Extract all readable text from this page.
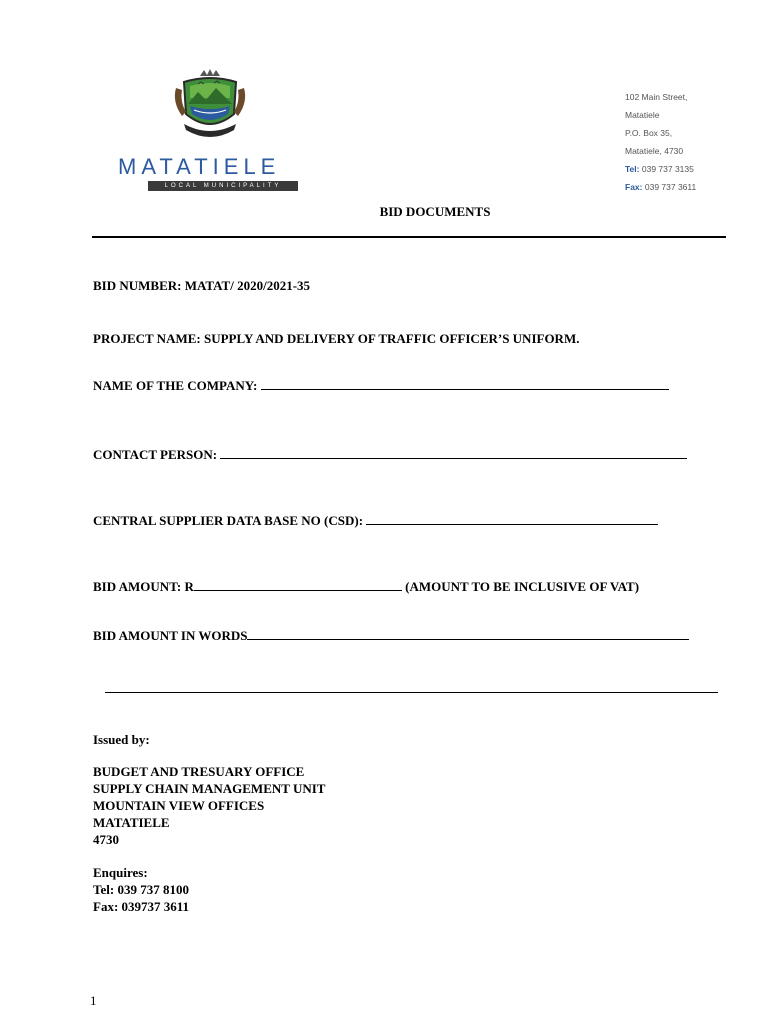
MATATIELE
LOCAL MUNICIPALITY
102 Main Street,
Matatiele
P.O. Box 35,
Matatiele, 4730
Tel: 039 737 3135
Fax: 039 737 3611
BID DOCUMENTS
BID NUMBER: MATAT/ 2020/2021-35
PROJECT NAME: SUPPLY AND DELIVERY OF TRAFFIC OFFICER’S UNIFORM.
NAME OF THE COMPANY:
CONTACT PERSON:
CENTRAL SUPPLIER DATA BASE NO (CSD):
BID AMOUNT: R	(AMOUNT TO BE INCLUSIVE OF VAT)
BID AMOUNT IN WORDS
Issued by:
BUDGET AND TRESUARY OFFICE
SUPPLY CHAIN MANAGEMENT UNIT
MOUNTAIN VIEW OFFICES
MATATIELE
4730
Enquires:
Tel: 039 737 8100
Fax: 039737 3611
1
